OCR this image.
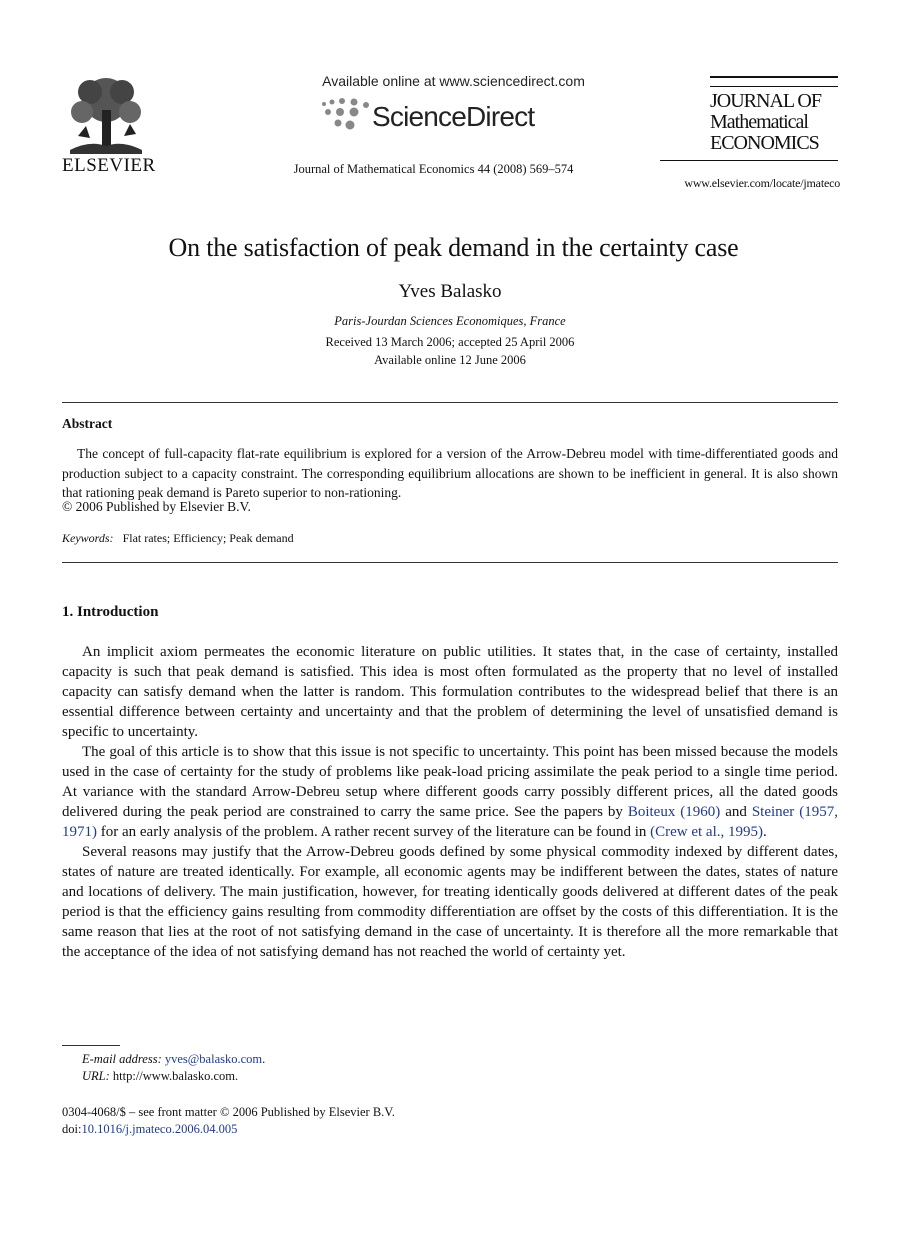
ELSEVIER
Available online at www.sciencedirect.com
ScienceDirect
Journal of Mathematical Economics 44 (2008) 569–574
JOURNAL OF
Mathematical
ECONOMICS
www.elsevier.com/locate/jmateco
On the satisfaction of peak demand in the certainty case
Yves Balasko
Paris-Jourdan Sciences Economiques, France
Received 13 March 2006; accepted 25 April 2006
Available online 12 June 2006
Abstract
The concept of full-capacity flat-rate equilibrium is explored for a version of the Arrow-Debreu model with time-differentiated goods and production subject to a capacity constraint. The corresponding equilibrium allocations are shown to be inefficient in general. It is also shown that rationing peak demand is Pareto superior to non-rationing.
© 2006 Published by Elsevier B.V.
Keywords: Flat rates; Efficiency; Peak demand
1. Introduction

An implicit axiom permeates the economic literature on public utilities. It states that, in the case of certainty, installed capacity is such that peak demand is satisfied. This idea is most often formulated as the property that no level of installed capacity can satisfy demand when the latter is random. This formulation contributes to the widespread belief that there is an essential difference between certainty and uncertainty and that the problem of determining the level of unsatisfied demand is specific to uncertainty.

The goal of this article is to show that this issue is not specific to uncertainty. This point has been missed because the models used in the case of certainty for the study of problems like peak-load pricing assimilate the peak period to a single time period. At variance with the standard Arrow-Debreu setup where different goods carry possibly different prices, all the dated goods delivered during the peak period are constrained to carry the same price. See the papers by Boiteux (1960) and Steiner (1957, 1971) for an early analysis of the problem. A rather recent survey of the literature can be found in (Crew et al., 1995).

Several reasons may justify that the Arrow-Debreu goods defined by some physical commodity indexed by different dates, states of nature are treated identically. For example, all economic agents may be indifferent between the dates, states of nature and locations of delivery. The main justification, however, for treating identically goods delivered at different dates of the peak period is that the efficiency gains resulting from commodity differentiation are offset by the costs of this differentiation. It is the same reason that lies at the root of not satisfying demand in the case of uncertainty. It is therefore all the more remarkable that the acceptance of the idea of not satisfying demand has not reached the world of certainty yet.

E-mail address: yves@balasko.com.
URL: http://www.balasko.com.
0304-4068/$ – see front matter © 2006 Published by Elsevier B.V.
doi:10.1016/j.jmateco.2006.04.005
